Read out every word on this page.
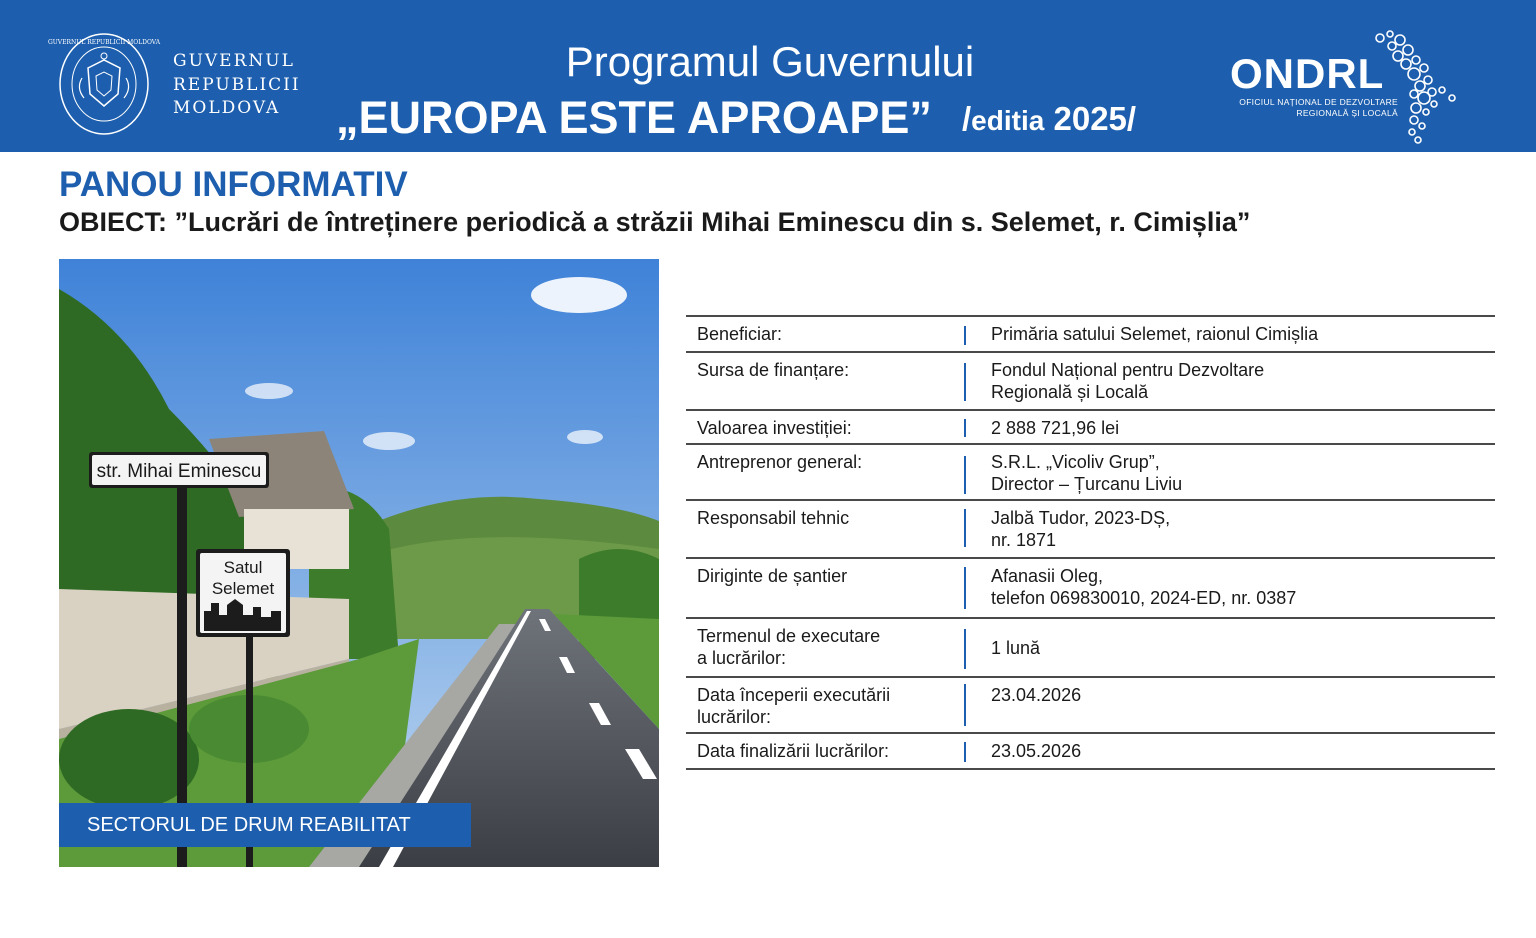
GUVERNUL REPUBLICII MOLDOVA
GUVERNUL
REPUBLICII
MOLDOVA
Programul Guvernului
„EUROPA ESTE APROAPE” /editia 2025/
ONDRL
OFICIUL NAȚIONAL DE DEZVOLTARE
REGIONALĂ ȘI LOCALĂ
PANOU INFORMATIV
OBIECT: ”Lucrări de întreținere periodică a străzii Mihai Eminescu din s. Selemet, r. Cimișlia”
str. Mihai Eminescu
Satul
Selemet
SECTORUL DE DRUM REABILITAT
Beneficiar:	Primăria satului Selemet, raionul Cimișlia
Sursa de finanțare:	Fondul Național pentru Dezvoltare
Regională și Locală
Valoarea investiției:	2 888 721,96 lei
Antreprenor general:	S.R.L. „Vicoliv Grup”,
Director – Țurcanu Liviu
Responsabil tehnic	Jalbă Tudor, 2023-DȘ,
nr. 1871
Diriginte de șantier	Afanasii Oleg,
telefon 069830010, 2024-ED, nr. 0387
Termenul de executare
a lucrărilor:	1 lună
Data începerii executării
lucrărilor:
23.04.2026
Data finalizării lucrărilor:	23.05.2026
